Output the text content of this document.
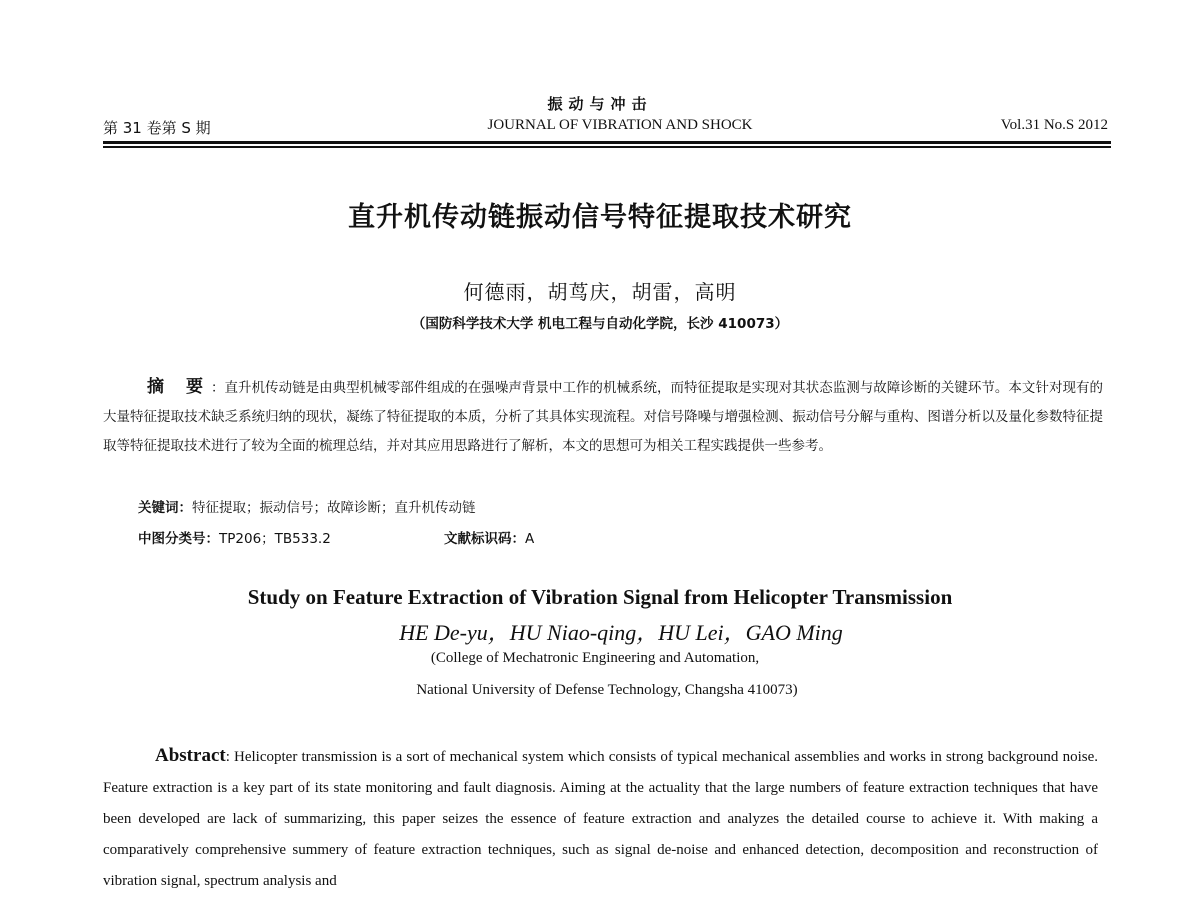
振动与冲击
第 31 卷第 S 期	JOURNAL OF VIBRATION AND SHOCK	Vol.31 No.S 2012
直升机传动链振动信号特征提取技术研究
何德雨，胡茑庆，胡雷，高明
（国防科学技术大学 机电工程与自动化学院，长沙 410073）
摘 要：直升机传动链是由典型机械零部件组成的在强噪声背景中工作的机械系统，而特征提取是实现对其状态监测与故障诊断的关键环节。本文针对现有的大量特征提取技术缺乏系统归纳的现状，凝练了特征提取的本质，分析了其具体实现流程。对信号降噪与增强检测、振动信号分解与重构、图谱分析以及量化参数特征提取等特征提取技术进行了较为全面的梳理总结，并对其应用思路进行了解析，本文的思想可为相关工程实践提供一些参考。
关键词：特征提取；振动信号；故障诊断；直升机传动链
中图分类号：TP206；TB533.2	文献标识码：A
Study on Feature Extraction of Vibration Signal from Helicopter Transmission
HE De-yu，HU Niao-qing，HU Lei，GAO Ming
(College of Mechatronic Engineering and Automation,
National University of Defense Technology, Changsha 410073)
Abstract: Helicopter transmission is a sort of mechanical system which consists of typical mechanical assemblies and works in strong background noise. Feature extraction is a key part of its state monitoring and fault diagnosis. Aiming at the actuality that the large numbers of feature extraction techniques that have been developed are lack of summarizing, this paper seizes the essence of feature extraction and analyzes the detailed course to achieve it. With making a comparatively comprehensive summery of feature extraction techniques, such as signal de-noise and enhanced detection, decomposition and reconstruction of vibration signal, spectrum analysis and
